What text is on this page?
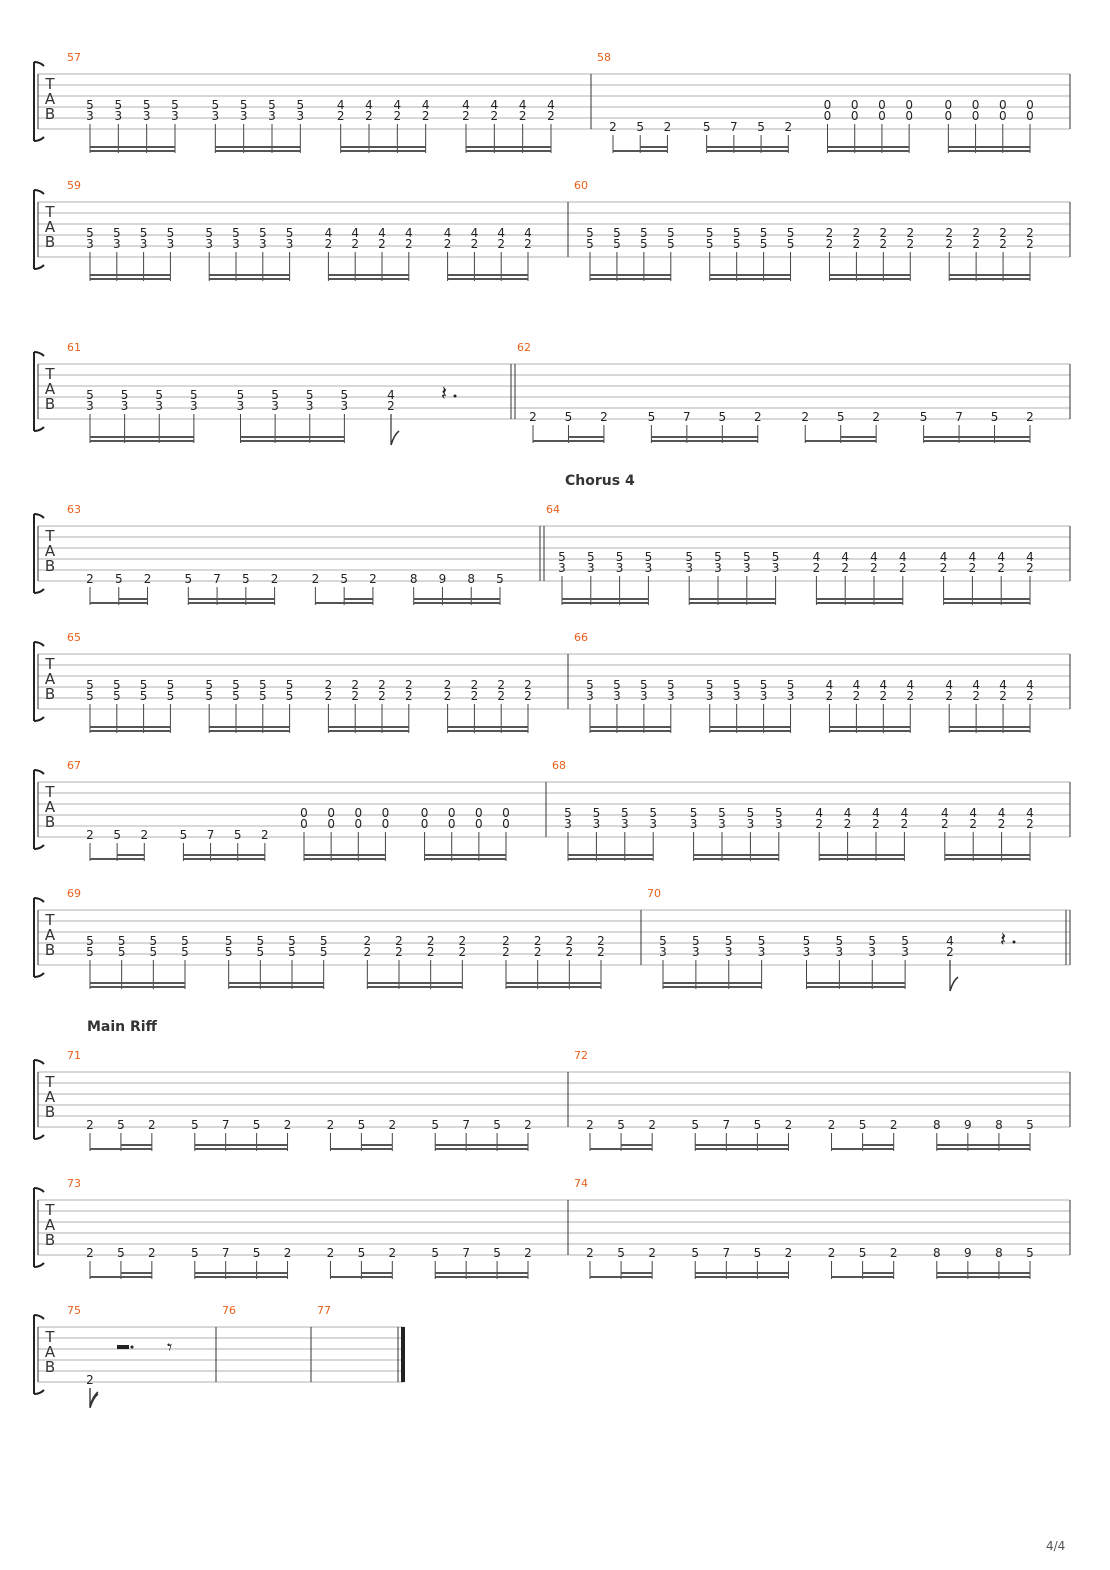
T
A
B
57
5
3
5
3
5
3
5
3
5
3
5
3
5
3
5
3
4
2
4
2
4
2
4
2
4
2
4
2
4
2
4
2
58
2 5 2	5 7 5 2
0
0
0
0
0
0
0
0
0
0
0
0
0
0
0
0
T
A
B
59
5
3
5
3
5
3
5
3
5
3
5
3
5
3
5
3
4
2
4
2
4
2
4
2
4
2
4
2
4
2
4
2
60
5
5
5
5
5
5
5
5
5
5
5
5
5
5
5
5
2
2
2
2
2
2
2
2
2
2
2
2
2
2
2
2
T
A
B
61
5
3
5
3
5
3
5
3
5
3
5
3
5
3
5
3
4
2
𝄽
62
2 5 2	5 7 5 2	2 5 2	5 7 5 2
Chorus 4
T
A
B
63
2 5 2	5 7 5 2	2 5 2	8 9 8 5
64
5
3
5
3
5
3
5
3
5
3
5
3
5
3
5
3
4
2
4
2
4
2
4
2
4
2
4
2
4
2
4
2
T
A
B
65
5
5
5
5
5
5
5
5
5
5
5
5
5
5
5
5
2
2
2
2
2
2
2
2
2
2
2
2
2
2
2
2
66
5
3
5
3
5
3
5
3
5
3
5
3
5
3
5
3
4
2
4
2
4
2
4
2
4
2
4
2
4
2
4
2
T
A
B
67
2 5 2	5 7 5 2
0
0
0
0
0
0
0
0
0
0
0
0
0
0
0
0
68
5
3
5
3
5
3
5
3
5
3
5
3
5
3
5
3
4
2
4
2
4
2
4
2
4
2
4
2
4
2
4
2
T
A
B
69
5
5
5
5
5
5
5
5
5
5
5
5
5
5
5
5
2
2
2
2
2
2
2
2
2
2
2
2
2
2
2
2
70
5
3
5
3
5
3
5
3
5
3
5
3
5
3
5
3
4
2
𝄽
Main Riff
T
A
B
71
2 5 2	5 7 5 2	2 5 2	5 7 5 2
72
2 5 2	5 7 5 2	2 5 2	8 9 8 5
T
A
B
73
2 5 2	5 7 5 2	2 5 2	5 7 5 2
74
2 5 2	5 7 5 2	2 5 2	8 9 8 5
T
A
B
75
2
𝄾
76	77
4/4
